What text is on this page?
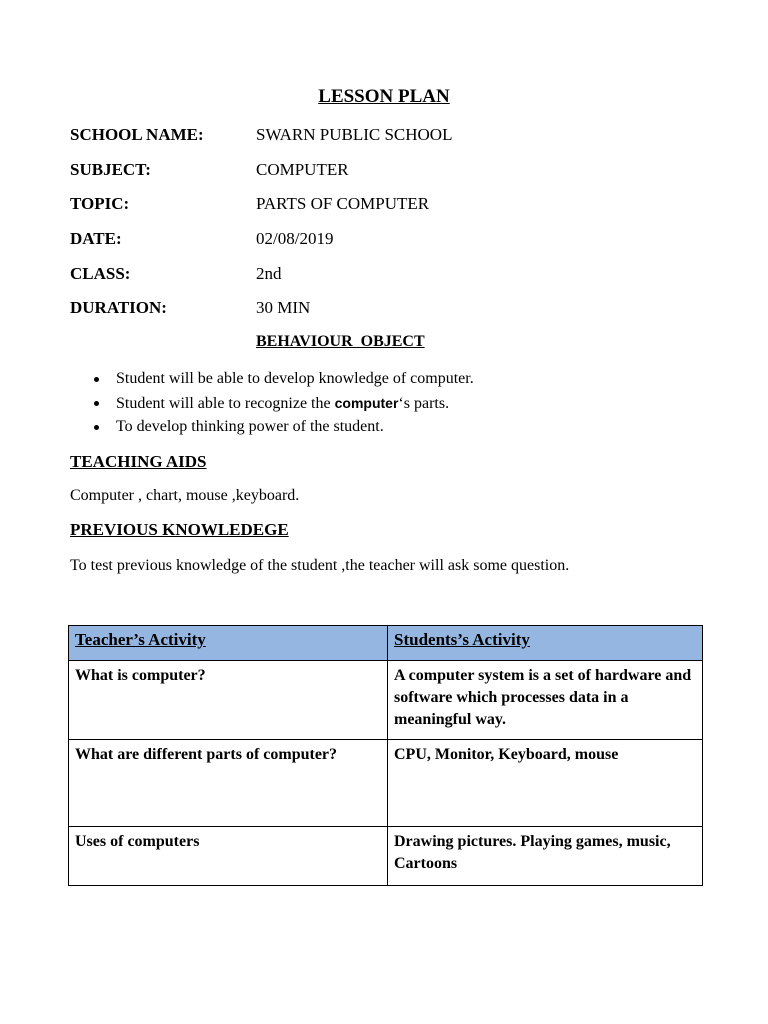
LESSON PLAN
SCHOOL NAME:	SWARN PUBLIC SCHOOL
SUBJECT:	COMPUTER
TOPIC:	PARTS OF COMPUTER
DATE:	02/08/2019
CLASS:	2nd
DURATION:	30 MIN
BEHAVIOUR  OBJECT
Student will be able to develop knowledge of computer.
Student will able to recognize the computer‘s parts.
To develop thinking power of the student.
TEACHING AIDS
Computer , chart, mouse ,keyboard.
PREVIOUS KNOWLEDEGE
To test previous knowledge of the student ,the teacher will ask some question.
Teacher’s Activity	Students’s Activity
What is computer?	A computer system is a set of hardware and software which processes data in a meaningful way.
What are different parts of computer?	CPU, Monitor, Keyboard, mouse
Uses of computers	Drawing pictures. Playing games, music, Cartoons
